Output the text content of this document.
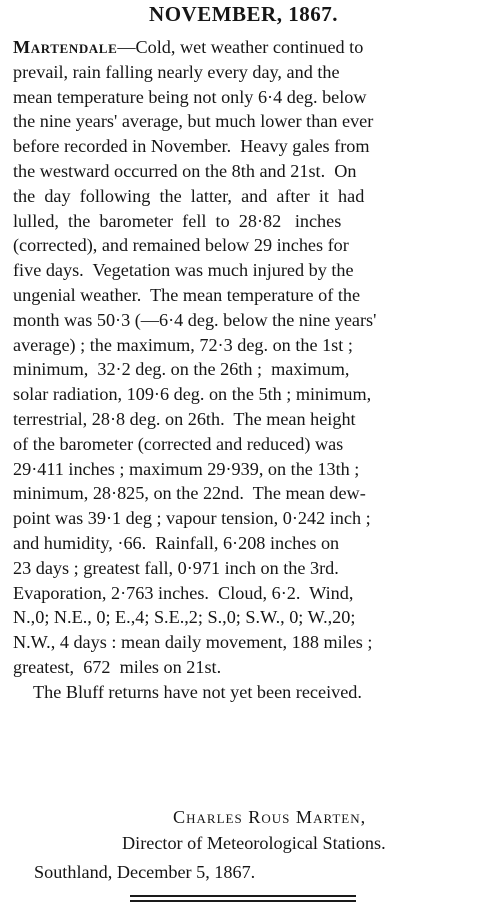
NOVEMBER, 1867.
Martendale—Cold, wet weather continued to
prevail, rain falling nearly every day, and the
mean temperature being not only 6·4 deg. below
the nine years' average, but much lower than ever
before recorded in November.  Heavy gales from
the westward occurred on the 8th and 21st.  On
the  day  following  the  latter,  and  after  it  had
lulled,  the  barometer  fell  to  28·82   inches
(corrected), and remained below 29 inches for
five days.  Vegetation was much injured by the
ungenial weather.  The mean temperature of the
month was 50·3 (—6·4 deg. below the nine years'
average) ; the maximum, 72·3 deg. on the 1st ;
minimum,  32·2 deg. on the 26th ;  maximum,
solar radiation, 109·6 deg. on the 5th ; minimum,
terrestrial, 28·8 deg. on 26th.  The mean height
of the barometer (corrected and reduced) was
29·411 inches ; maximum 29·939, on the 13th ;
minimum, 28·825, on the 22nd.  The mean dew-
point was 39·1 deg ; vapour tension, 0·242 inch ;
and humidity, ·66.  Rainfall, 6·208 inches on
23 days ; greatest fall, 0·971 inch on the 3rd.
Evaporation, 2·763 inches.  Cloud, 6·2.  Wind,
N.,0; N.E., 0; E.,4; S.E.,2; S.,0; S.W., 0; W.,20;
N.W., 4 days : mean daily movement, 188 miles ;
greatest,  672  miles on 21st.
The Bluff returns have not yet been received.
Charles Rous Marten,
Director of Meteorological Stations.
Southland, December 5, 1867.
